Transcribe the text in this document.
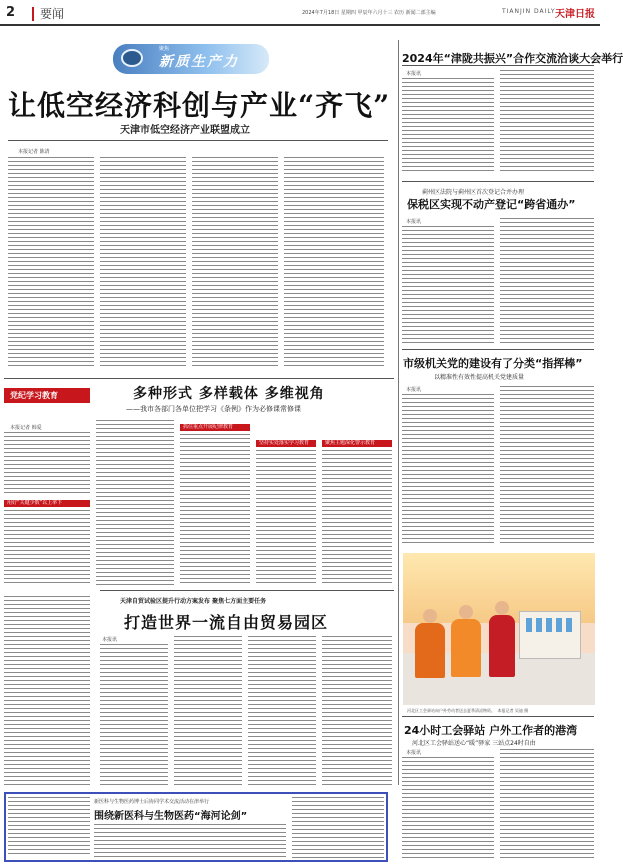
2 要闻	2024年7月18日 星期四 甲辰年六月十三 农历 新闻二部主编	TIANJIN DAILY 天津日报
聚焦
新质生产力
让低空经济科创与产业“齐飞”
天津市低空经济产业联盟成立
本报记者 陈清
2024年“津陇共振兴”合作交流洽谈大会举行
本报讯
蓟州区法院与蓟州区首次登记合并办理
保税区实现不动产登记“跨省通办”
本报讯
市级机关党的建设有了分类“指挥棒”
以精准性有效性提高机关党建质量
本报讯
党纪学习教育	多种形式 多样载体 多维视角
——我市各部门各单位把学习《条例》作为必修课常修课
本报记者 韩爱
用好“关键少数”以上率下
抓住重点开展纪律教育
坚持实处落实学习教育	聚焦主题深化警示教育
天津自贸试验区提升行动方案发布 聚焦七方面主要任务
打造世界一流自由贸易园区
本报讯
河北区工会驿站向户外劳动者送去夏季清凉物资。 本报记者 吴迪 摄
24小时工会驿站 户外工作者的港湾
河北区工会驿站送心“暖”驿家 三站点24时自由
本报讯
新医科与生物医药博士后协同学术交流活动在津举行
围绕新医科与生物医药“海河论剑”
